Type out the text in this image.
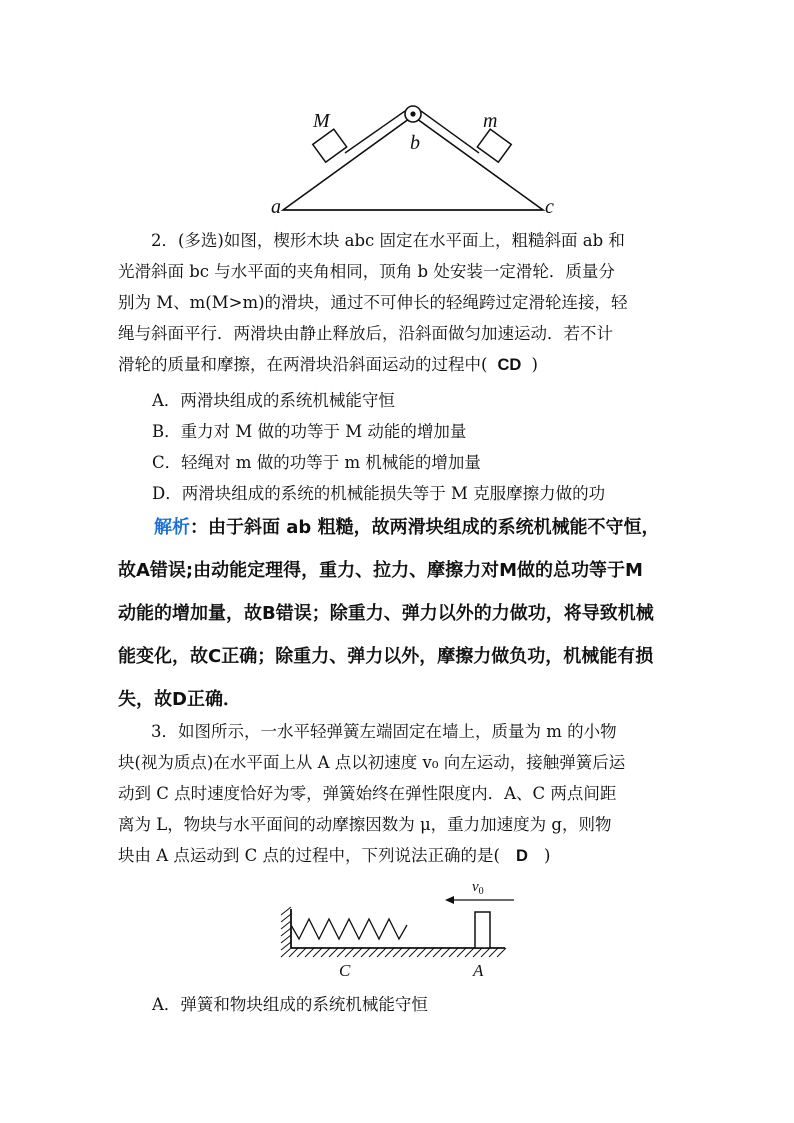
M	m
b
a	c
2．(多选)如图，楔形木块 abc 固定在水平面上，粗糙斜面 ab 和
光滑斜面 bc 与水平面的夹角相同，顶角 b 处安装一定滑轮．质量分
别为 M、m(M>m)的滑块，通过不可伸长的轻绳跨过定滑轮连接，轻
绳与斜面平行．两滑块由静止释放后，沿斜面做匀加速运动．若不计
滑轮的质量和摩擦，在两滑块沿斜面运动的过程中( CD )
A．两滑块组成的系统机械能守恒
B．重力对 M 做的功等于 M 动能的增加量
C．轻绳对 m 做的功等于 m 机械能的增加量
D．两滑块组成的系统的机械能损失等于 M 克服摩擦力做的功
解析：由于斜面 ab 粗糙，故两滑块组成的系统机械能不守恒，
故A错误;由动能定理得，重力、拉力、摩擦力对M做的总功等于M
动能的增加量，故B错误；除重力、弹力以外的力做功，将导致机械
能变化，故C正确；除重力、弹力以外，摩擦力做负功，机械能有损
失，故D正确．
3．如图所示，一水平轻弹簧左端固定在墙上，质量为 m 的小物
块(视为质点)在水平面上从 A 点以初速度 v₀ 向左运动，接触弹簧后运
动到 C 点时速度恰好为零，弹簧始终在弹性限度内．A、C 两点间距
离为 L，物块与水平面间的动摩擦因数为 μ，重力加速度为 g，则物
块由 A 点运动到 C 点的过程中，下列说法正确的是( D )
$v_0$
C	A
A．弹簧和物块组成的系统机械能守恒
